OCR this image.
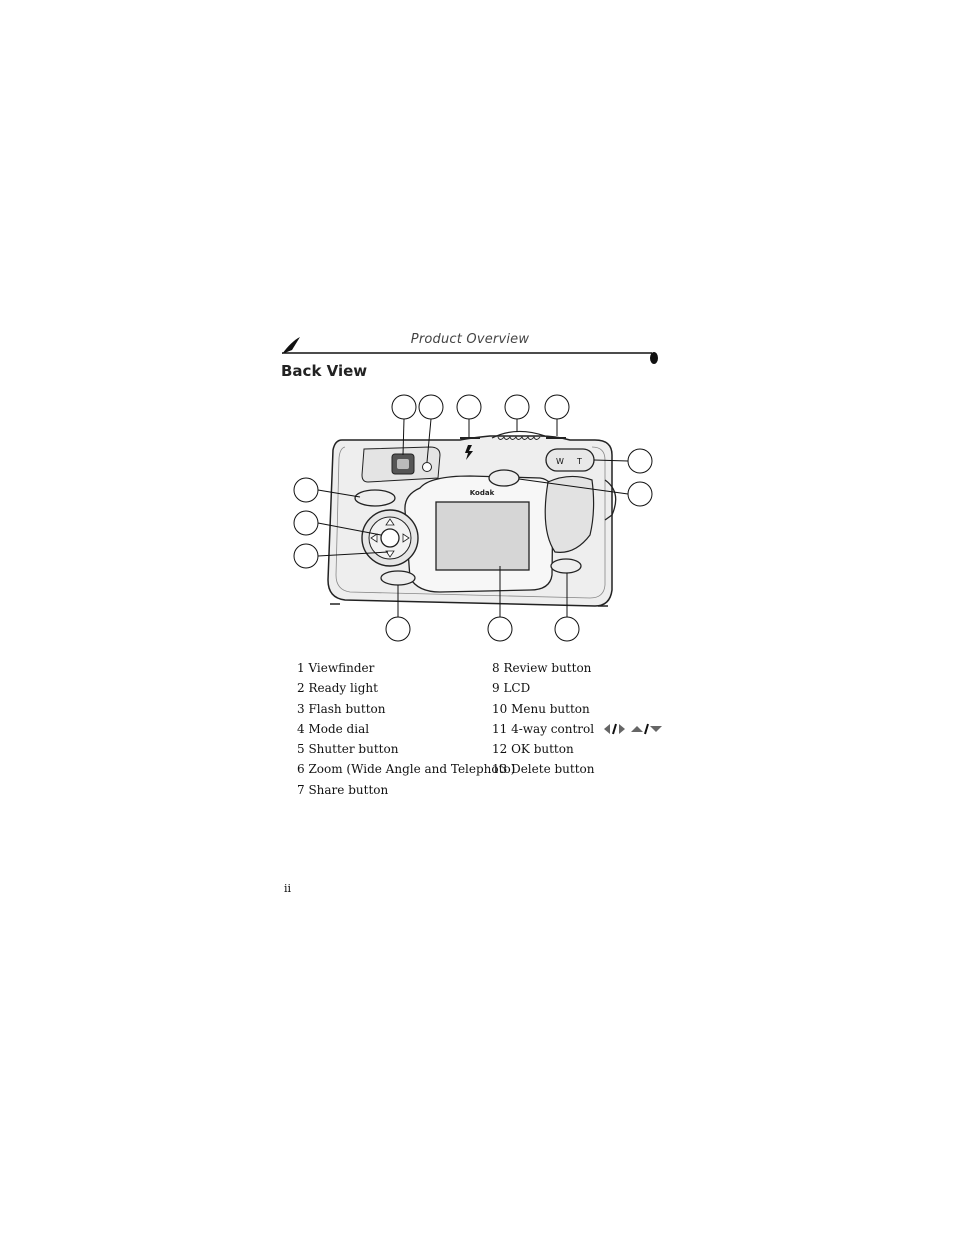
Product Overview
Back View
W T
Kodak
1 Viewfinder
2 Ready light
3 Flash button
4 Mode dial
5 Shutter button
6 Zoom (Wide Angle and Telephoto)
7 Share button
8 Review button
9 LCD
10 Menu button
11 4-way control
12 OK button
13 Delete button
ii
